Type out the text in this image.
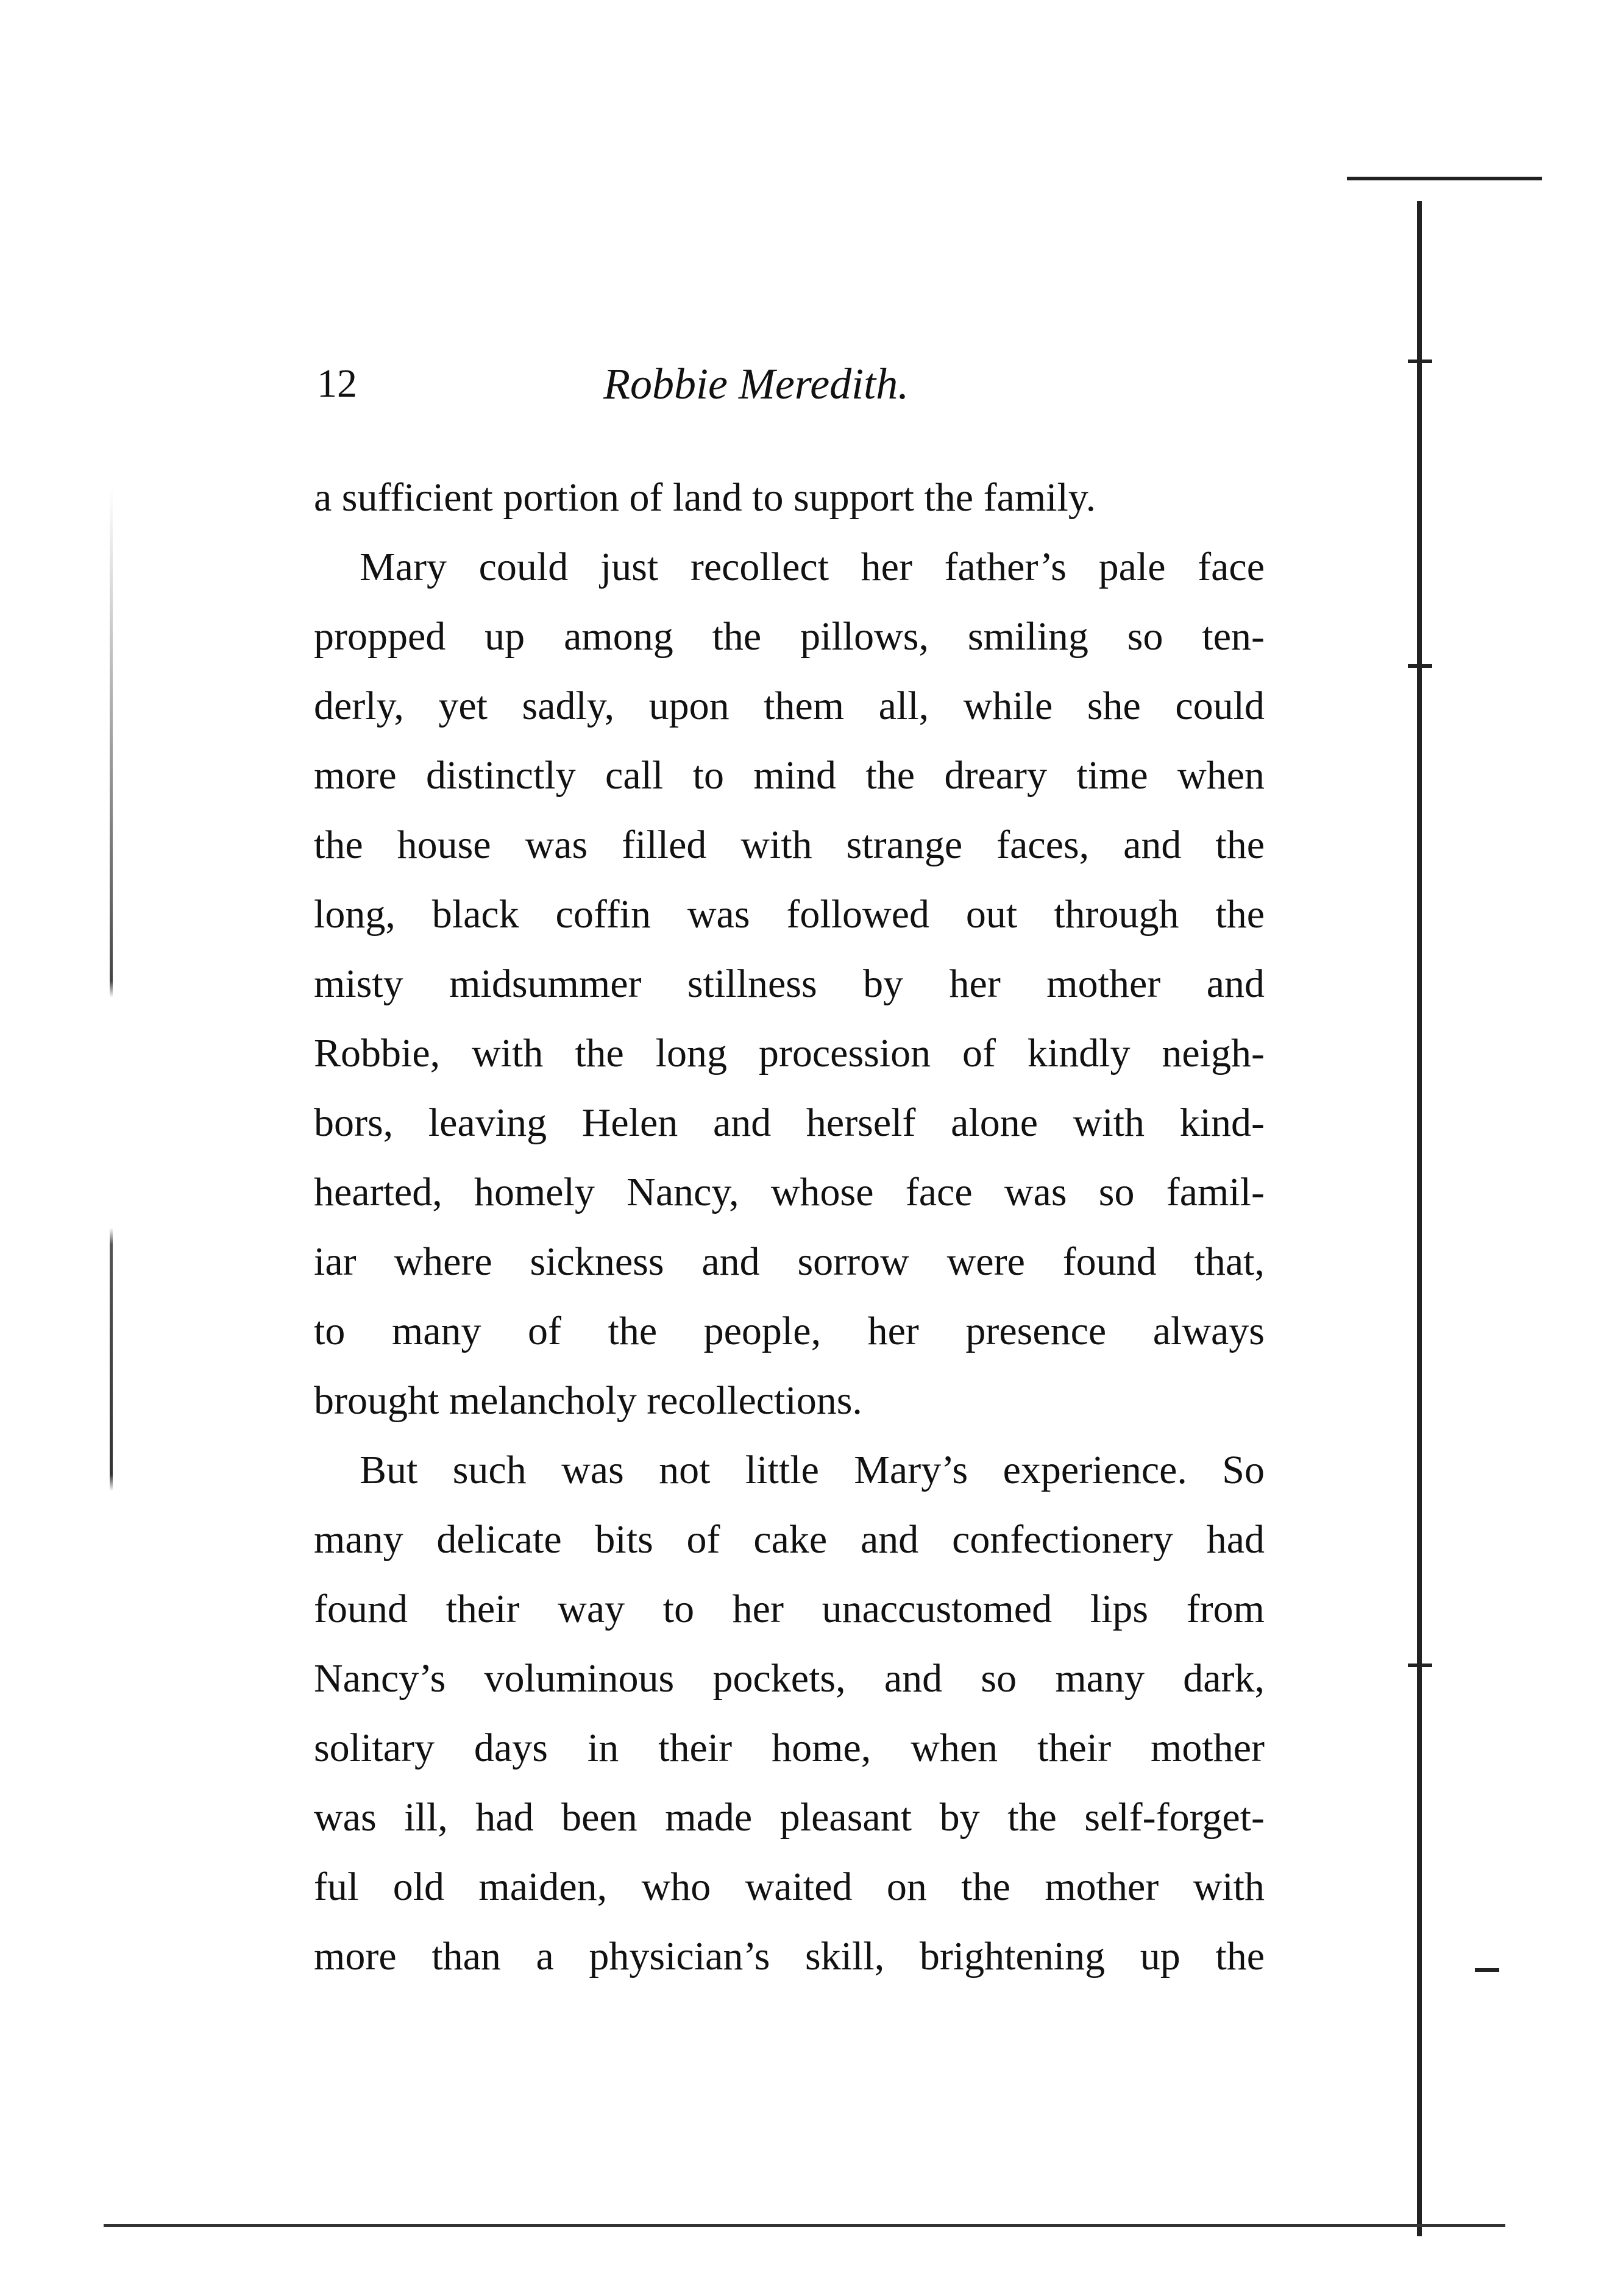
12	Robbie Meredith.
a sufficient portion of land to support the family.
Mary could just recollect her father’s pale face
propped up among the pillows, smiling so ten-
derly, yet sadly, upon them all, while she could
more distinctly call to mind the dreary time when
the house was filled with strange faces, and the
long, black coffin was followed out through the
misty midsummer stillness by her mother and
Robbie, with the long procession of kindly neigh-
bors, leaving Helen and herself alone with kind-
hearted, homely Nancy, whose face was so famil-
iar where sickness and sorrow were found that,
to many of the people, her presence always
brought melancholy recollections.
But such was not little Mary’s experience. So
many delicate bits of cake and confectionery had
found their way to her unaccustomed lips from
Nancy’s voluminous pockets, and so many dark,
solitary days in their home, when their mother
was ill, had been made pleasant by the self-forget-
ful old maiden, who waited on the mother with
more than a physician’s skill, brightening up the
